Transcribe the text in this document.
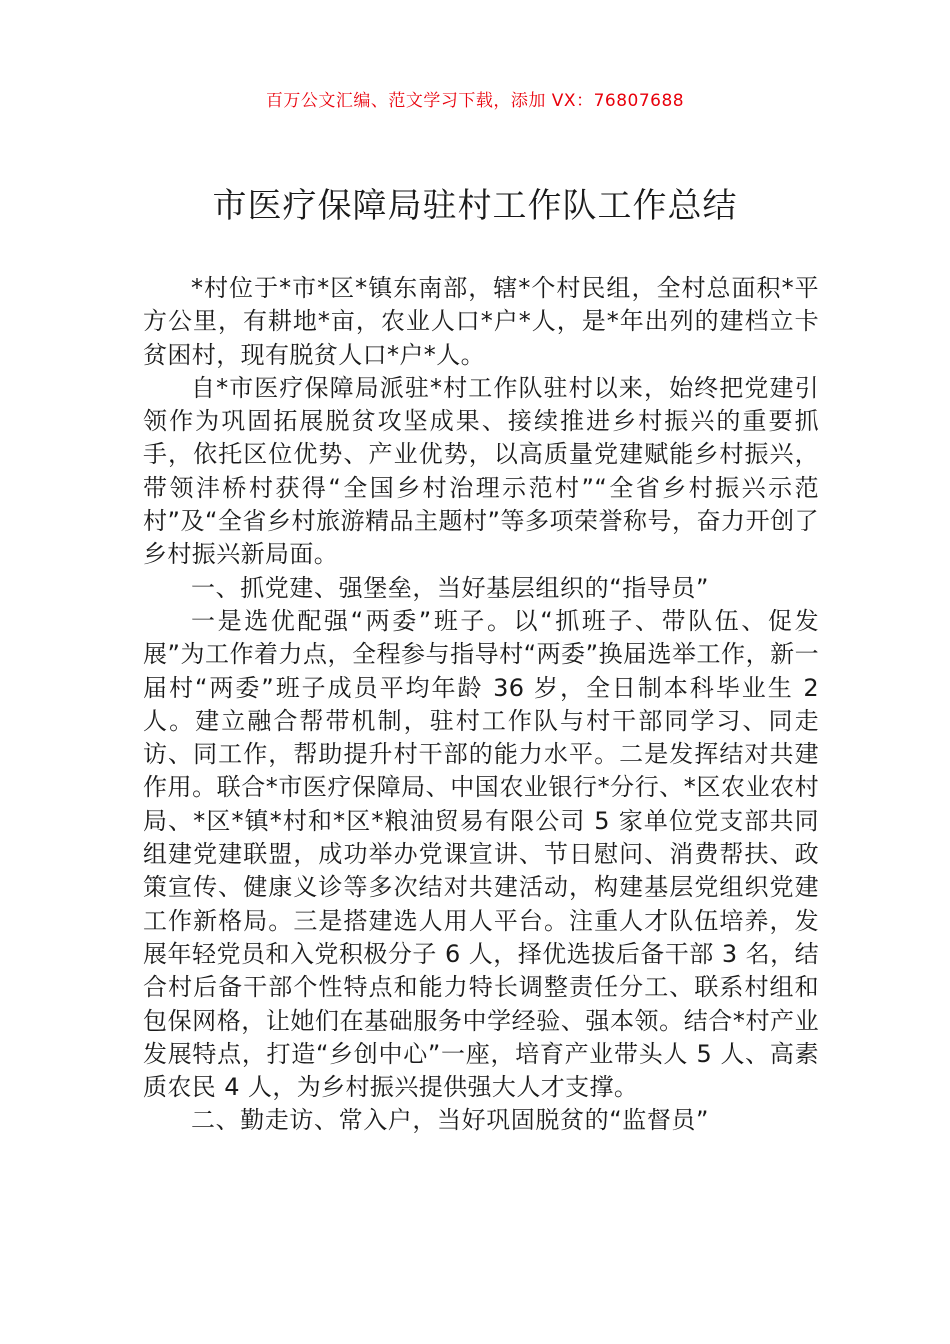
百万公文汇编、范文学习下载，添加 VX：76807688
市医疗保障局驻村工作队工作总结

*村位于*市*区*镇东南部，辖*个村民组，全村总面积*平方公里，有耕地*亩，农业人口*户*人，是*年出列的建档立卡贫困村，现有脱贫人口*户*人。

自*市医疗保障局派驻*村工作队驻村以来，始终把党建引领作为巩固拓展脱贫攻坚成果、接续推进乡村振兴的重要抓手，依托区位优势、产业优势，以高质量党建赋能乡村振兴，带领沣桥村获得“全国乡村治理示范村”“全省乡村振兴示范村”及“全省乡村旅游精品主题村”等多项荣誉称号，奋力开创了乡村振兴新局面。

一、抓党建、强堡垒，当好基层组织的“指导员”

一是选优配强“两委”班子。以“抓班子、带队伍、促发展”为工作着力点，全程参与指导村“两委”换届选举工作，新一届村“两委”班子成员平均年龄 36 岁，全日制本科毕业生 2 人。建立融合帮带机制，驻村工作队与村干部同学习、同走访、同工作，帮助提升村干部的能力水平。二是发挥结对共建作用。联合*市医疗保障局、中国农业银行*分行、*区农业农村局、*区*镇*村和*区*粮油贸易有限公司 5 家单位党支部共同组建党建联盟，成功举办党课宣讲、节日慰问、消费帮扶、政策宣传、健康义诊等多次结对共建活动，构建基层党组织党建工作新格局。三是搭建选人用人平台。注重人才队伍培养，发展年轻党员和入党积极分子 6 人，择优选拔后备干部 3 名，结合村后备干部个性特点和能力特长调整责任分工、联系村组和包保网格，让她们在基础服务中学经验、强本领。结合*村产业发展特点，打造“乡创中心”一座，培育产业带头人 5 人、高素质农民 4 人，为乡村振兴提供强大人才支撑。

二、勤走访、常入户，当好巩固脱贫的“监督员”
